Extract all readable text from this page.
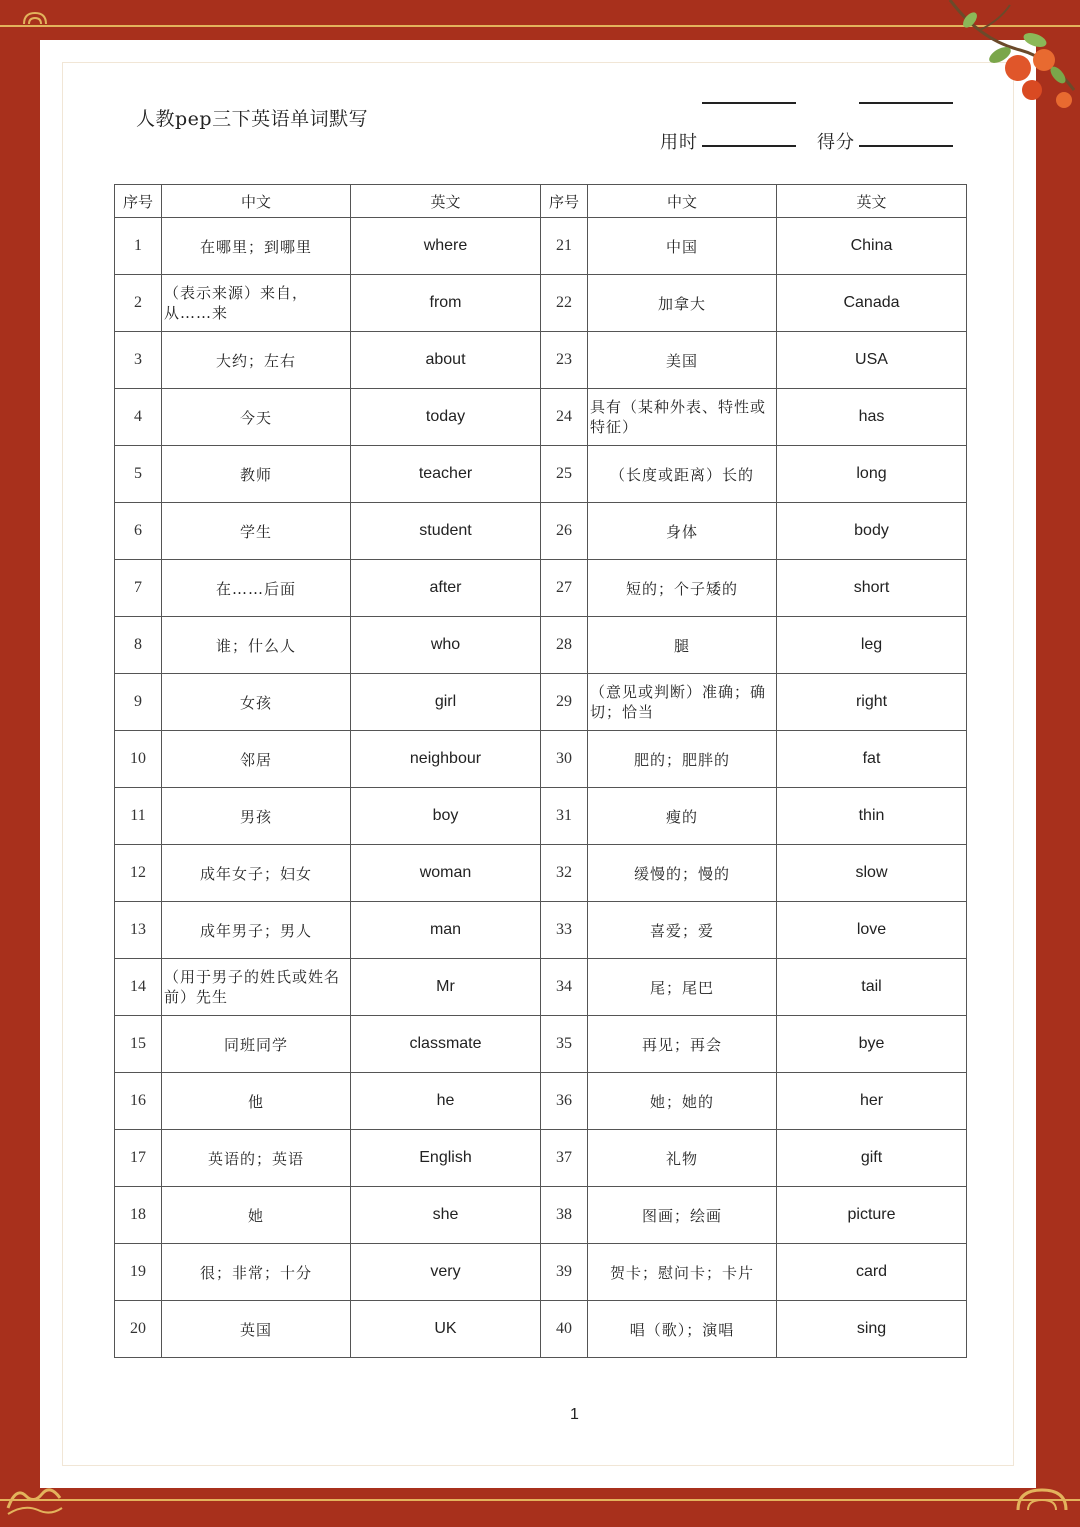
人教pep三下英语单词默写
用时	得分
序号	中文	英文	序号	中文	英文
1	在哪里；到哪里	where	21	中国	China
2	（表示来源）来自，从……来	from	22	加拿大	Canada
3	大约；左右	about	23	美国	USA
4	今天	today	24	具有（某种外表、特性或特征）	has
5	教师	teacher	25	（长度或距离）长的	long
6	学生	student	26	身体	body
7	在……后面	after	27	短的；个子矮的	short
8	谁；什么人	who	28	腿	leg
9	女孩	girl	29	（意见或判断）准确；确切；恰当	right
10	邻居	neighbour	30	肥的；肥胖的	fat
11	男孩	boy	31	瘦的	thin
12	成年女子；妇女	woman	32	缓慢的；慢的	slow
13	成年男子；男人	man	33	喜爱；爱	love
14	（用于男子的姓氏或姓名前）先生	Mr	34	尾；尾巴	tail
15	同班同学	classmate	35	再见；再会	bye
16	他	he	36	她；她的	her
17	英语的；英语	English	37	礼物	gift
18	她	she	38	图画；绘画	picture
19	很；非常；十分	very	39	贺卡；慰问卡；卡片	card
20	英国	UK	40	唱（歌）；演唱	sing
1
